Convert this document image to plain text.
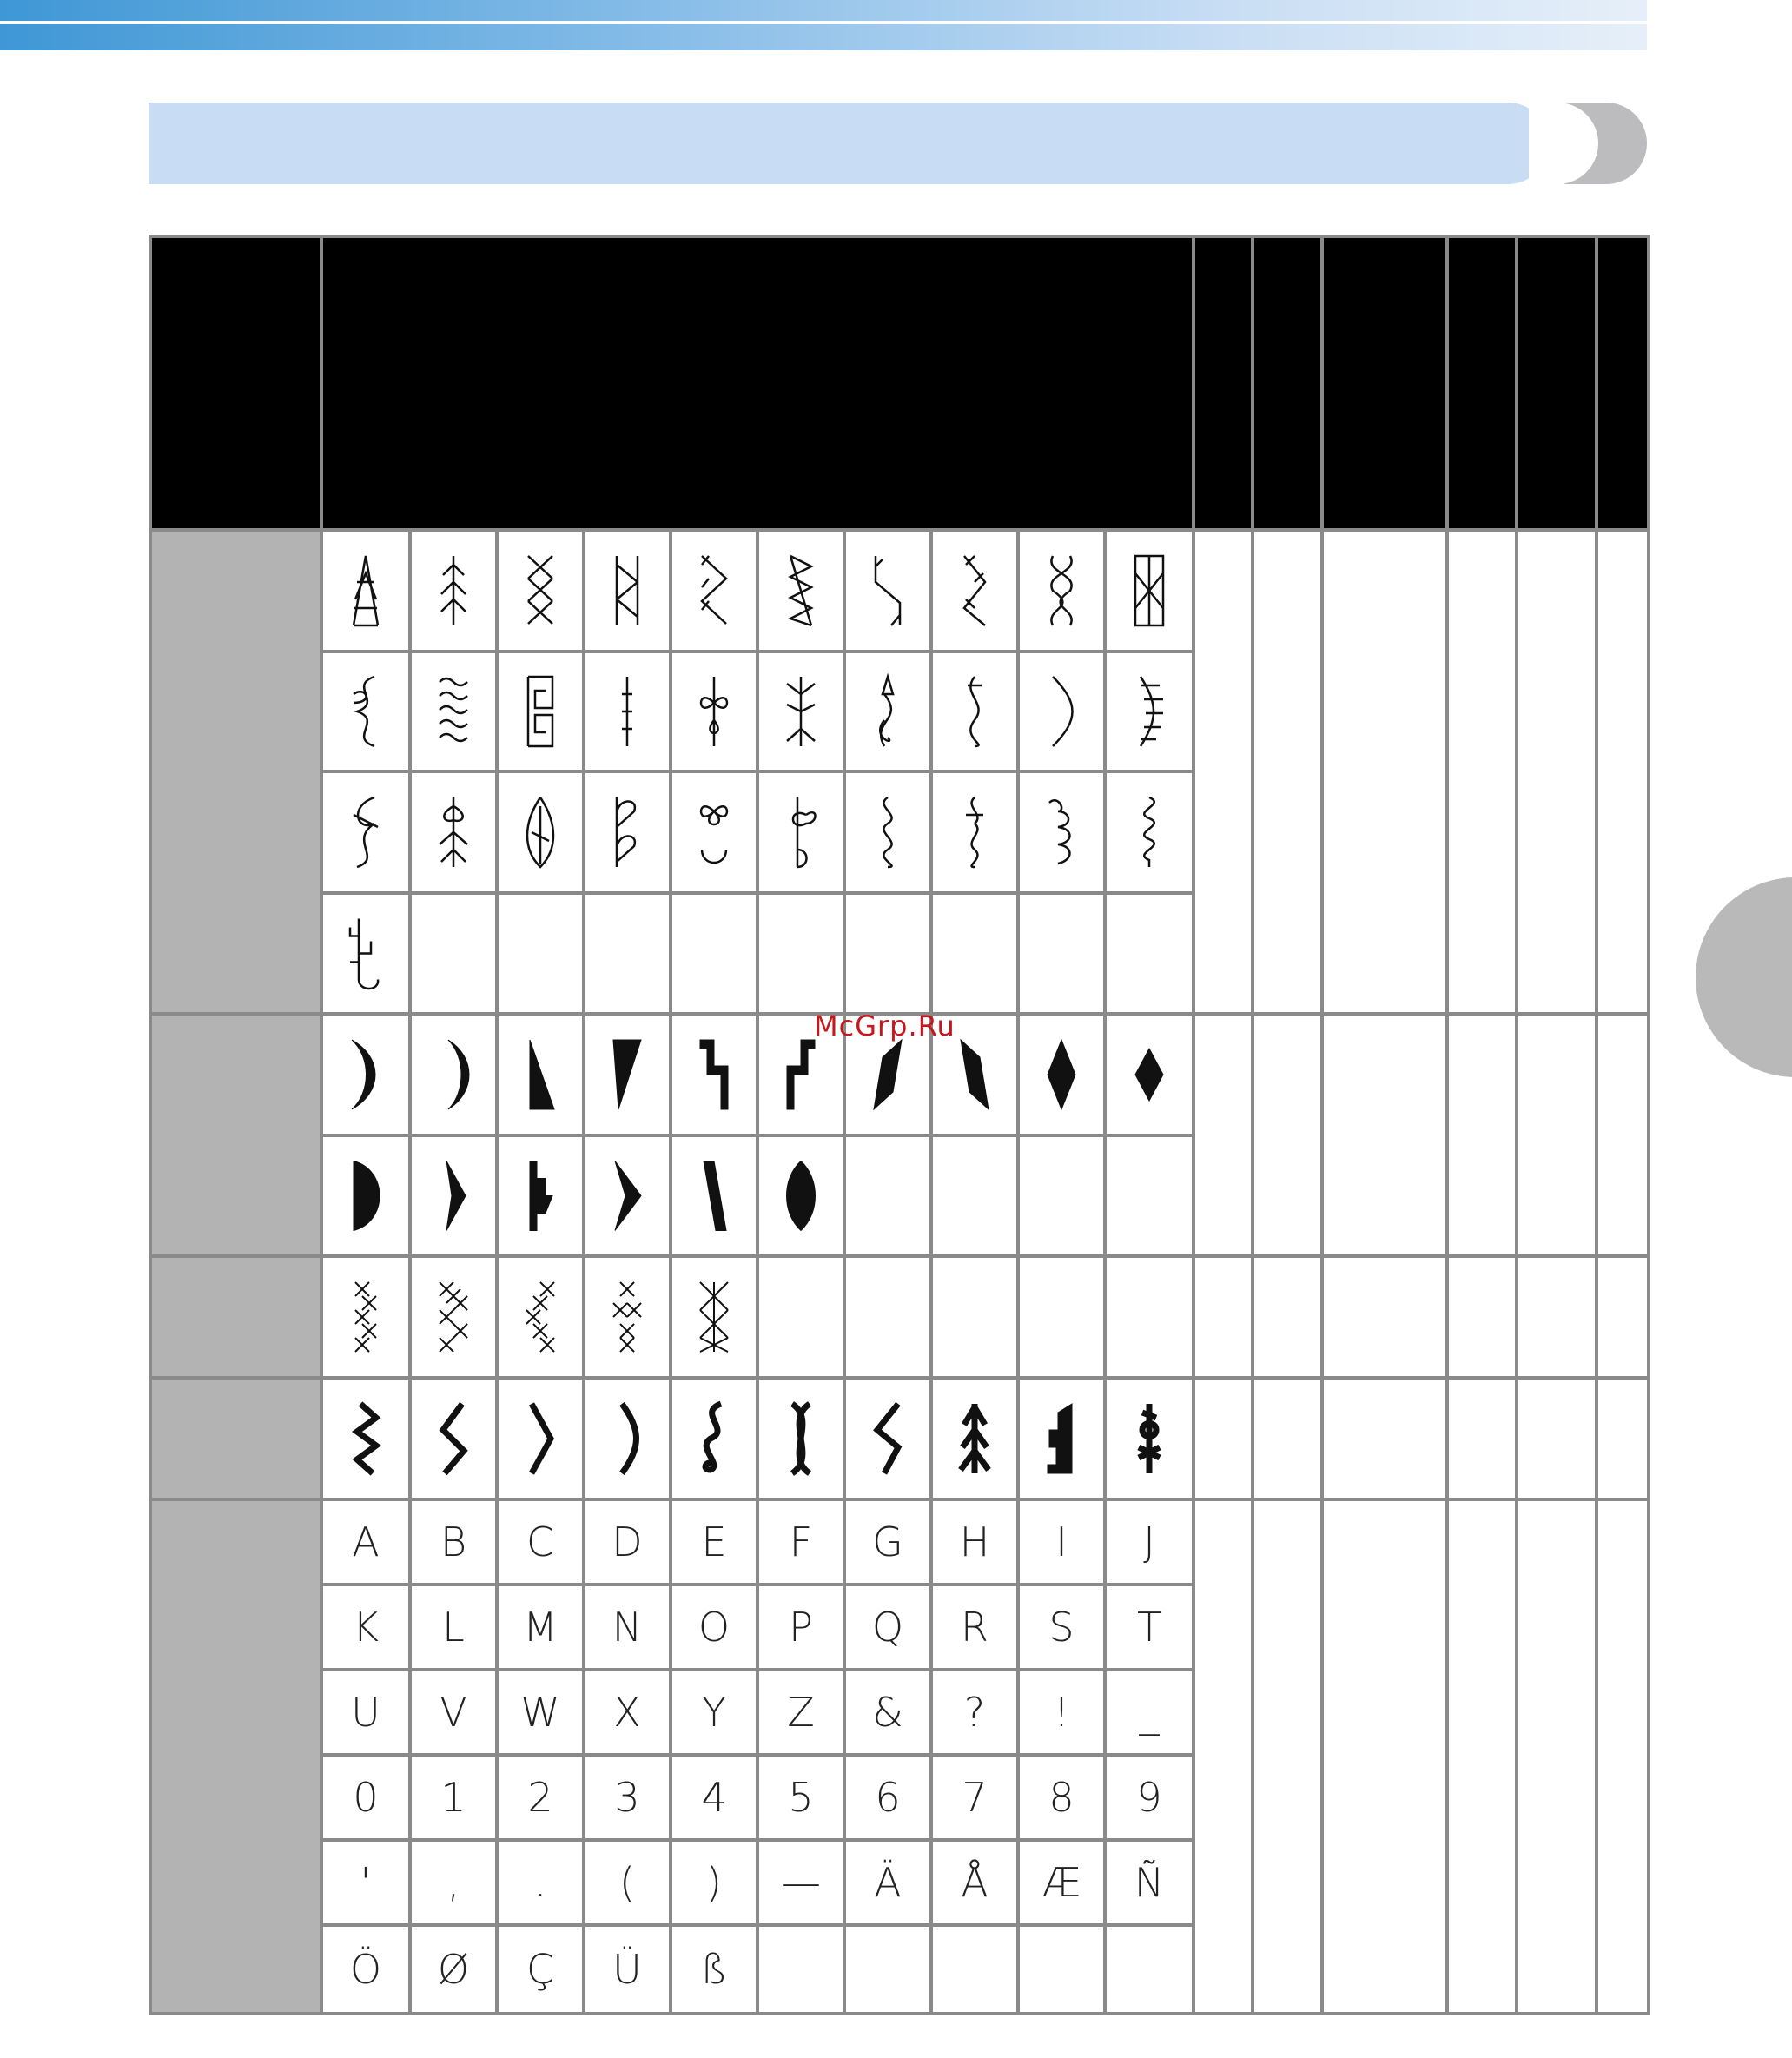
A B C D E F G H I J
K L M N O P Q R S T
U V W X Y Z & ? ! _
0 1 2 3 4 5 6 7 8 9
' , . ( ) — Ä Å Æ Ñ
Ö Ø Ç Ü ß
McGrp.Ru
